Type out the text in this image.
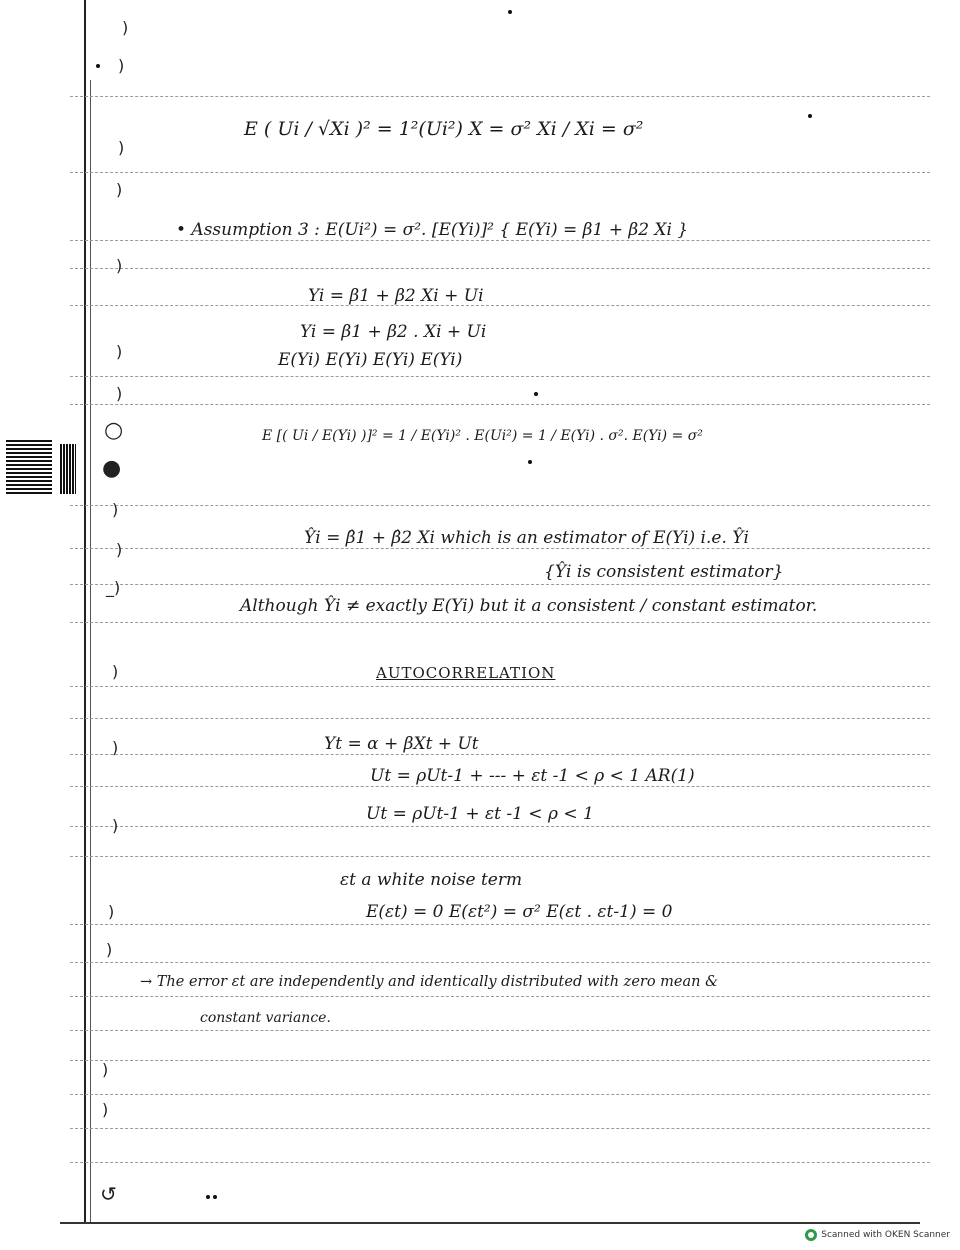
)
)
)
)
)
)
)
)
)
_)
)
)
)
)
)
)
)
↺
○
●
E ( Ui / √Xi )² = 1²(Ui²) X = σ² Xi / Xi = σ²
• Assumption 3 : E(Ui²) = σ². [E(Yi)]² { E(Yi) = β1 + β2 Xi }
Yi = β1 + β2 Xi + Ui
Yi = β1 + β2 . Xi + Ui
E(Yi) E(Yi) E(Yi) E(Yi)
E [( Ui / E(Yi) )]² = 1 / E(Yi)² . E(Ui²) = 1 / E(Yi) . σ². E(Yi) = σ²
Ŷi = β̂1 + β̂2 Xi which is an estimator of E(Yi) i.e. Ŷi
{Ŷi is consistent estimator}
Although Ŷi ≠ exactly E(Yi) but it a consistent / constant estimator.
AUTOCORRELATION
Yt = α + βXt + Ut
Ut = ρUt-1 + --- + εt -1 < ρ < 1 AR(1)
Ut = ρUt-1 + εt -1 < ρ < 1
εt a white noise term
E(εt) = 0 E(εt²) = σ² E(εt . εt-1) = 0
→ The error εt are independently and identically distributed with zero mean &
constant variance.
Scanned with OKEN Scanner
